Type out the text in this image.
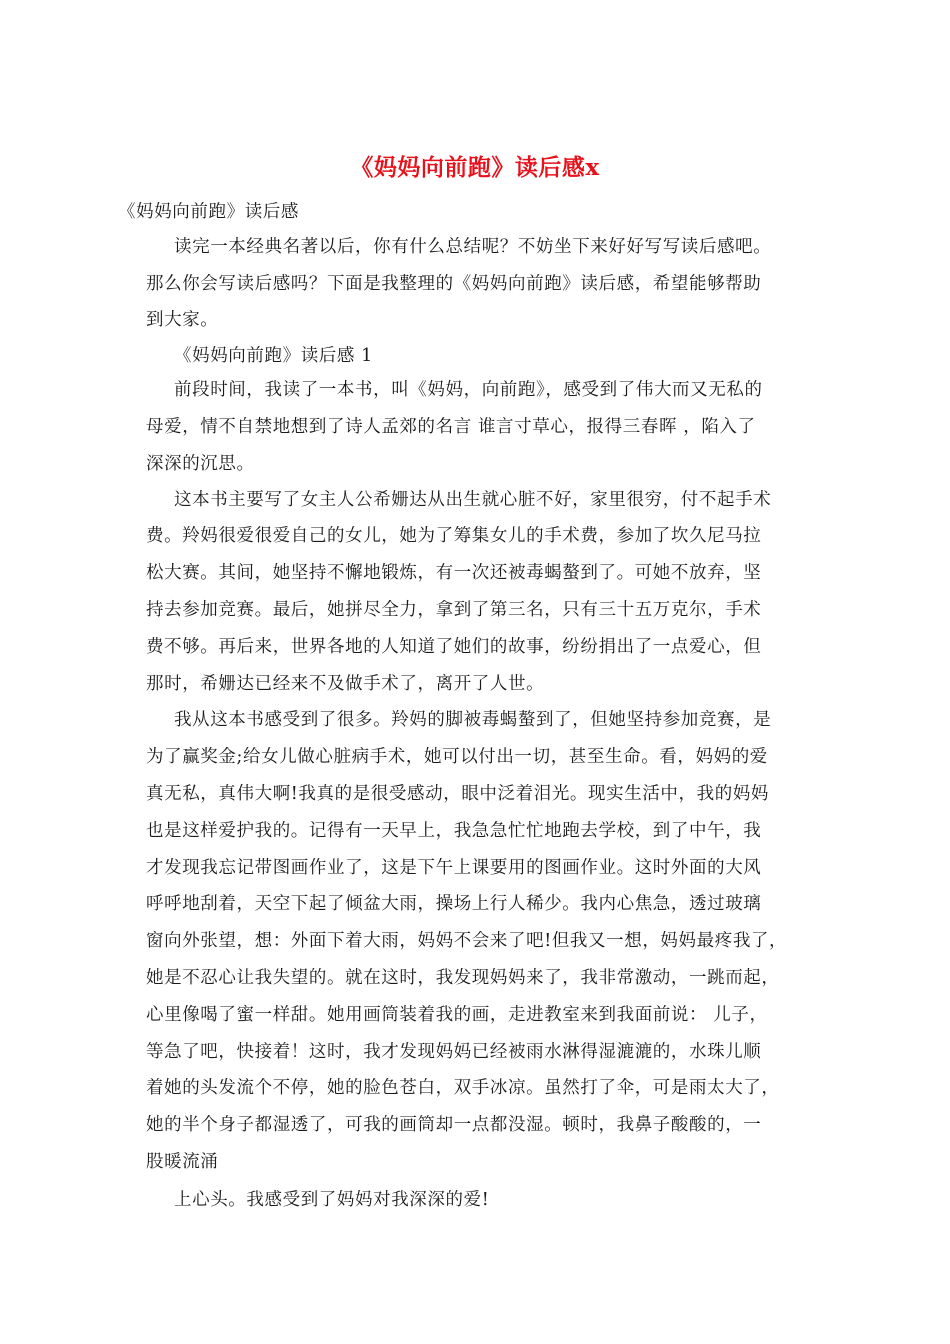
《妈妈向前跑》读后感x
《妈妈向前跑》读后感
读完一本经典名著以后，你有什么总结呢？不妨坐下来好好写写读后感吧。
那么你会写读后感吗？下面是我整理的《妈妈向前跑》读后感，希望能够帮助
到大家。
《妈妈向前跑》读后感 1
前段时间，我读了一本书，叫《妈妈，向前跑》，感受到了伟大而又无私的
母爱，情不自禁地想到了诗人孟郊的名言 谁言寸草心，报得三春晖 ，陷入了
深深的沉思。
这本书主要写了女主人公希姗达从出生就心脏不好，家里很穷，付不起手术
费。羚妈很爱很爱自己的女儿，她为了筹集女儿的手术费，参加了坎久尼马拉
松大赛。其间，她坚持不懈地锻炼，有一次还被毒蝎螯到了。可她不放弃，坚
持去参加竞赛。最后，她拼尽全力，拿到了第三名，只有三十五万克尔，手术
费不够。再后来，世界各地的人知道了她们的故事，纷纷捐出了一点爱心，但
那时，希姗达已经来不及做手术了，离开了人世。
我从这本书感受到了很多。羚妈的脚被毒蝎螯到了，但她坚持参加竞赛，是
为了赢奖金;给女儿做心脏病手术，她可以付出一切，甚至生命。看，妈妈的爱
真无私，真伟大啊!我真的是很受感动，眼中泛着泪光。现实生活中，我的妈妈
也是这样爱护我的。记得有一天早上，我急急忙忙地跑去学校，到了中午，我
才发现我忘记带图画作业了，这是下午上课要用的图画作业。这时外面的大风
呼呼地刮着，天空下起了倾盆大雨，操场上行人稀少。我内心焦急，透过玻璃
窗向外张望，想：外面下着大雨，妈妈不会来了吧!但我又一想，妈妈最疼我了，
她是不忍心让我失望的。就在这时，我发现妈妈来了，我非常激动，一跳而起，
心里像喝了蜜一样甜。她用画筒装着我的画，走进教室来到我面前说： 儿子，
等急了吧，快接着！这时，我才发现妈妈已经被雨水淋得湿漉漉的，水珠儿顺
着她的头发流个不停，她的脸色苍白，双手冰凉。虽然打了伞，可是雨太大了，
她的半个身子都湿透了，可我的画筒却一点都没湿。顿时，我鼻子酸酸的，一
股暖流涌
上心头。我感受到了妈妈对我深深的爱!
